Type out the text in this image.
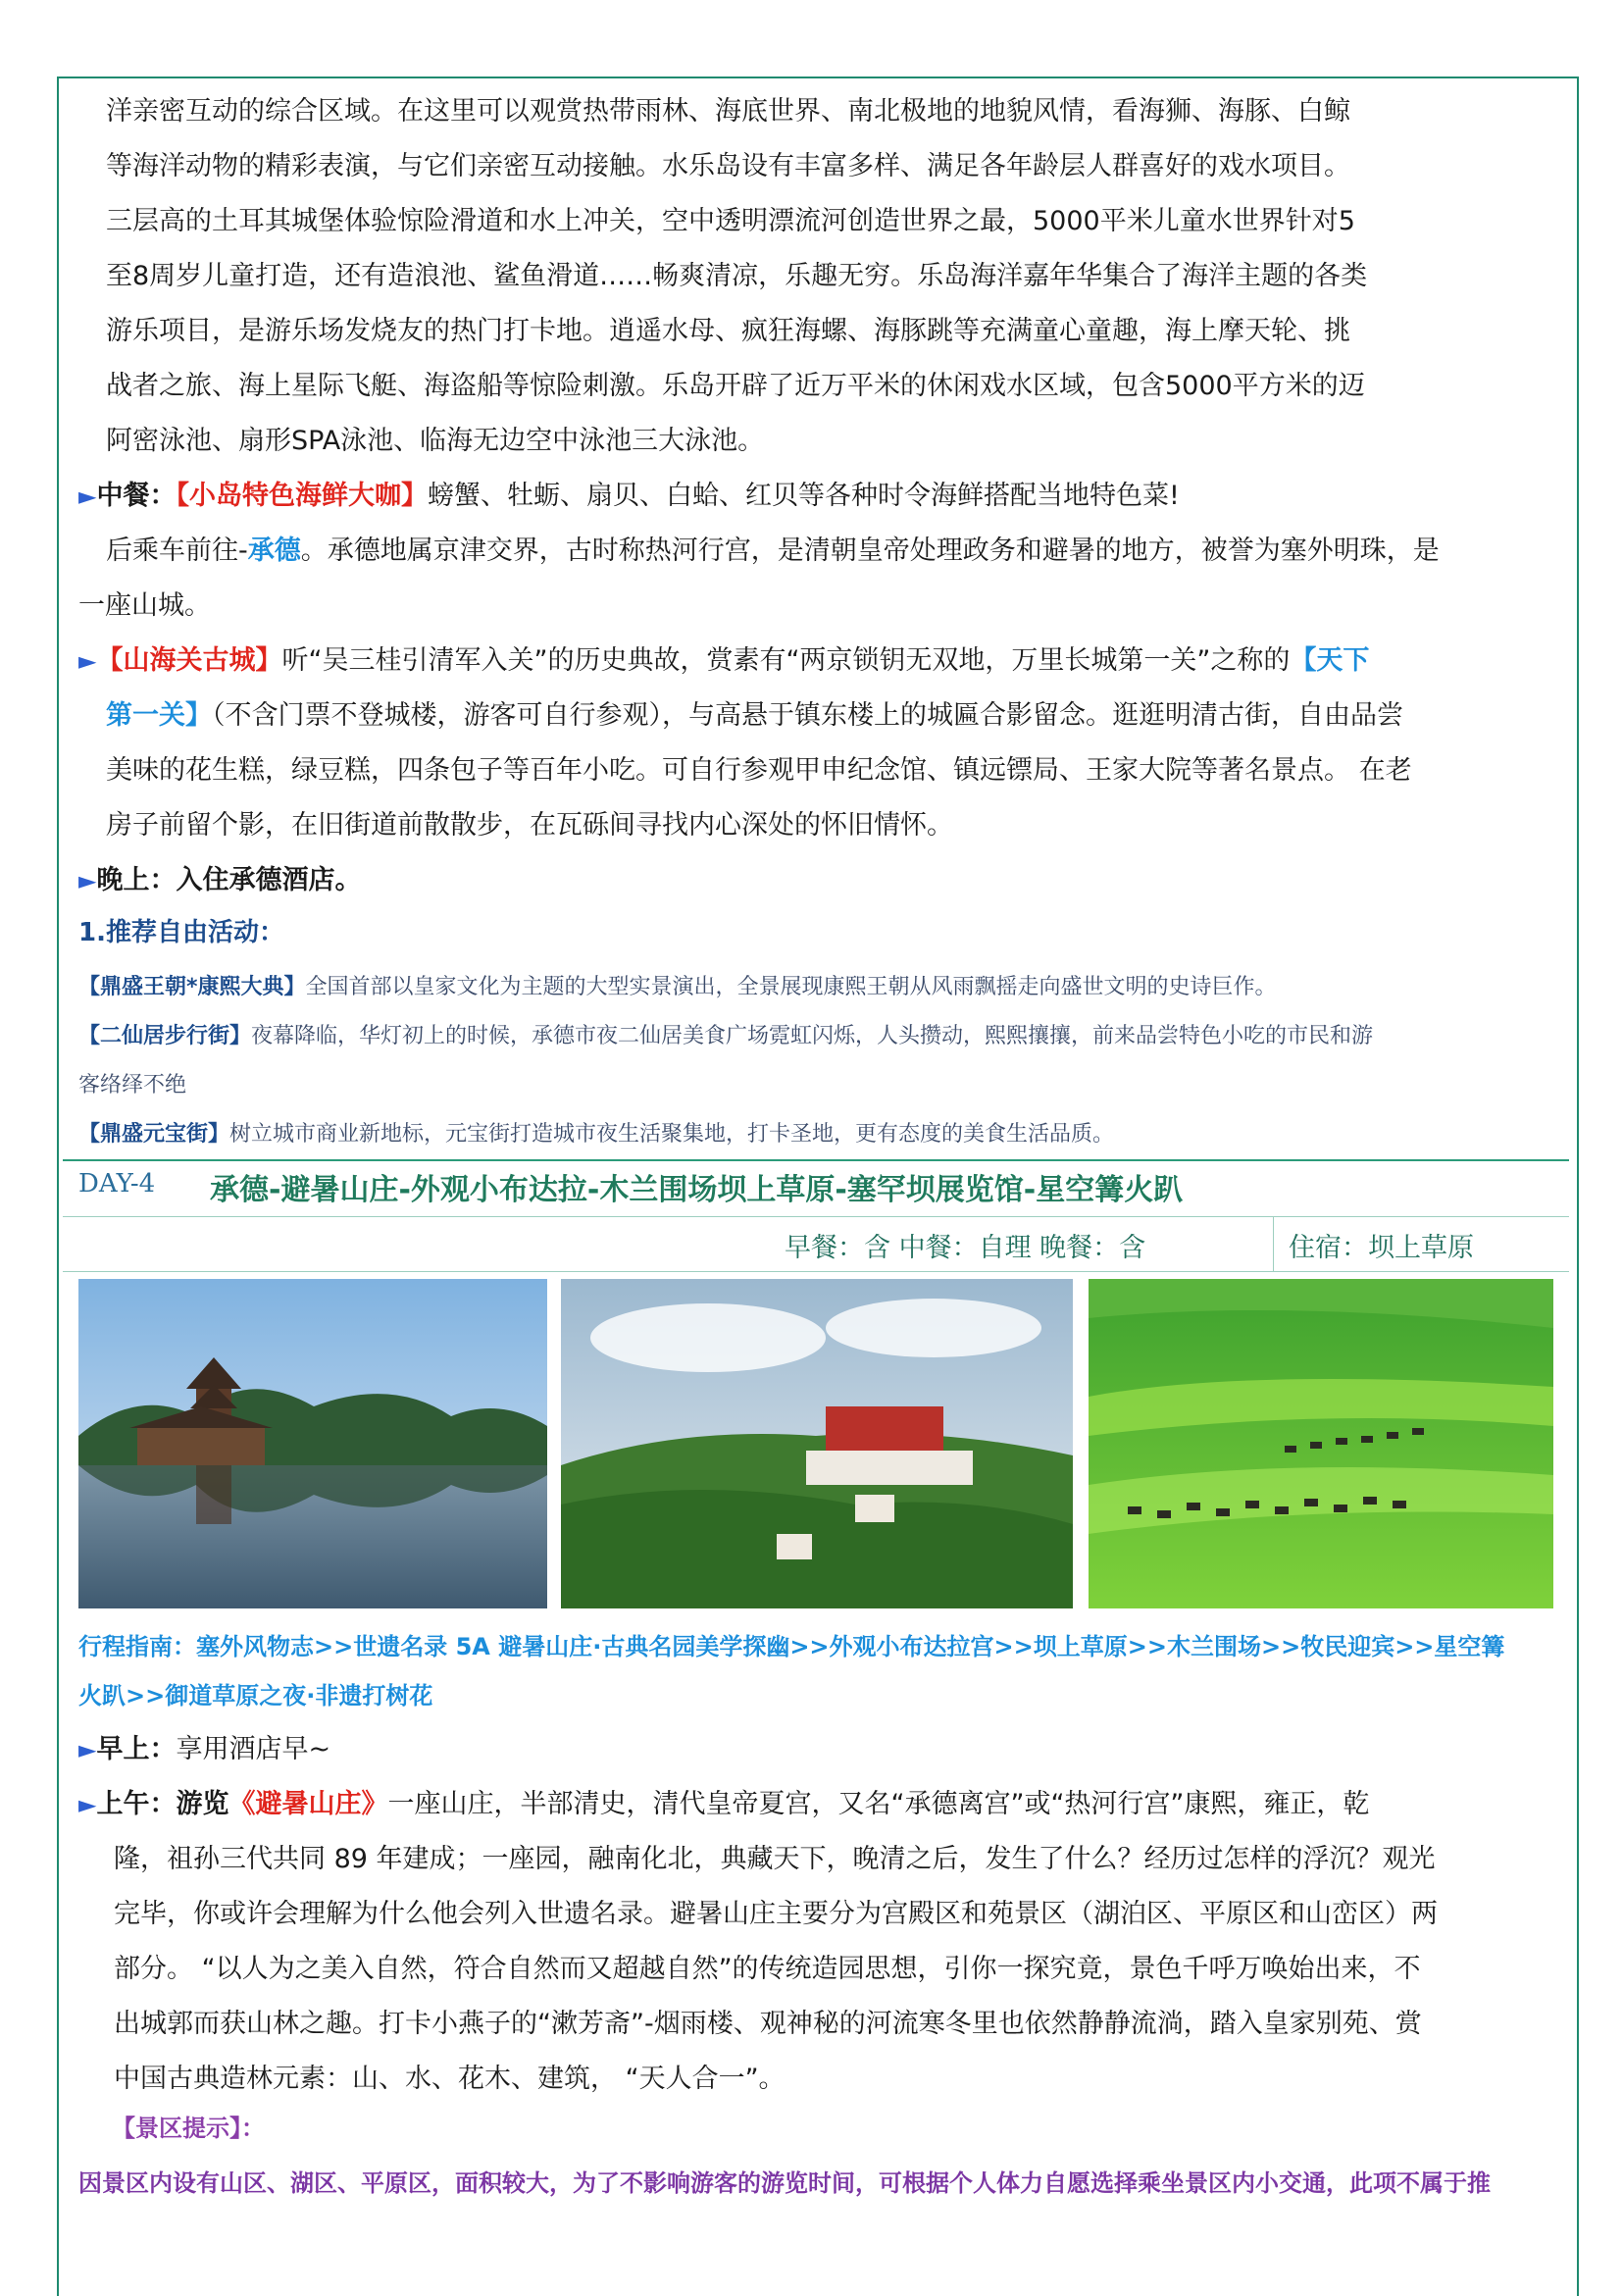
洋亲密互动的综合区域。在这里可以观赏热带雨林、海底世界、南北极地的地貌风情，看海狮、海豚、白鲸
等海洋动物的精彩表演，与它们亲密互动接触。水乐岛设有丰富多样、满足各年龄层人群喜好的戏水项目。
三层高的土耳其城堡体验惊险滑道和水上冲关，空中透明漂流河创造世界之最，5000平米儿童水世界针对5
至8周岁儿童打造，还有造浪池、鲨鱼滑道……畅爽清凉，乐趣无穷。乐岛海洋嘉年华集合了海洋主题的各类
游乐项目，是游乐场发烧友的热门打卡地。逍遥水母、疯狂海螺、海豚跳等充满童心童趣，海上摩天轮、挑
战者之旅、海上星际飞艇、海盗船等惊险刺激。乐岛开辟了近万平米的休闲戏水区域，包含5000平方米的迈
阿密泳池、扇形SPA泳池、临海无边空中泳池三大泳池。
►中餐：【小岛特色海鲜大咖】螃蟹、牡蛎、扇贝、白蛤、红贝等各种时令海鲜搭配当地特色菜!
后乘车前往-承德。承德地属京津交界，古时称热河行宫，是清朝皇帝处理政务和避暑的地方，被誉为塞外明珠，是
一座山城。
►【山海关古城】听“吴三桂引清军入关”的历史典故，赏素有“两京锁钥无双地，万里长城第一关”之称的【天下
第一关】（不含门票不登城楼，游客可自行参观），与高悬于镇东楼上的城匾合影留念。逛逛明清古街，自由品尝
美味的花生糕，绿豆糕，四条包子等百年小吃。可自行参观甲申纪念馆、镇远镖局、王家大院等著名景点。 在老
房子前留个影，在旧街道前散散步，在瓦砾间寻找内心深处的怀旧情怀。
►晚上：入住承德酒店。
1.推荐自由活动：
【鼎盛王朝*康熙大典】全国首部以皇家文化为主题的大型实景演出，全景展现康熙王朝从风雨飘摇走向盛世文明的史诗巨作。
【二仙居步行街】夜幕降临，华灯初上的时候，承德市夜二仙居美食广场霓虹闪烁，人头攒动，熙熙攘攘，前来品尝特色小吃的市民和游
客络绎不绝
【鼎盛元宝街】树立城市商业新地标，元宝街打造城市夜生活聚集地，打卡圣地，更有态度的美食生活品质。
DAY-4 承德-避暑山庄-外观小布达拉-木兰围场坝上草原-塞罕坝展览馆-星空篝火趴
早餐：含 中餐：自理 晚餐：含	住宿：坝上草原
行程指南：塞外风物志>>世遗名录 5A 避暑山庄·古典名园美学探幽>>外观小布达拉宫>>坝上草原>>木兰围场>>牧民迎宾>>星空篝
火趴>>御道草原之夜·非遗打树花
►早上：享用酒店早~
►上午：游览《避暑山庄》一座山庄，半部清史，清代皇帝夏宫，又名“承德离宫”或“热河行宫”康熙，雍正，乾
隆，祖孙三代共同 89 年建成；一座园，融南化北，典藏天下，晚清之后，发生了什么？经历过怎样的浮沉？观光
完毕，你或许会理解为什么他会列入世遗名录。避暑山庄主要分为宫殿区和苑景区（湖泊区、平原区和山峦区）两
部分。 “以人为之美入自然，符合自然而又超越自然”的传统造园思想，引你一探究竟，景色千呼万唤始出来，不
出城郭而获山林之趣。打卡小燕子的“漱芳斋”-烟雨楼、观神秘的河流寒冬里也依然静静流淌，踏入皇家别苑、赏
中国古典造林元素：山、水、花木、建筑， “天人合一”。
【景区提示】：
因景区内设有山区、湖区、平原区，面积较大，为了不影响游客的游览时间，可根据个人体力自愿选择乘坐景区内小交通，此项不属于推
